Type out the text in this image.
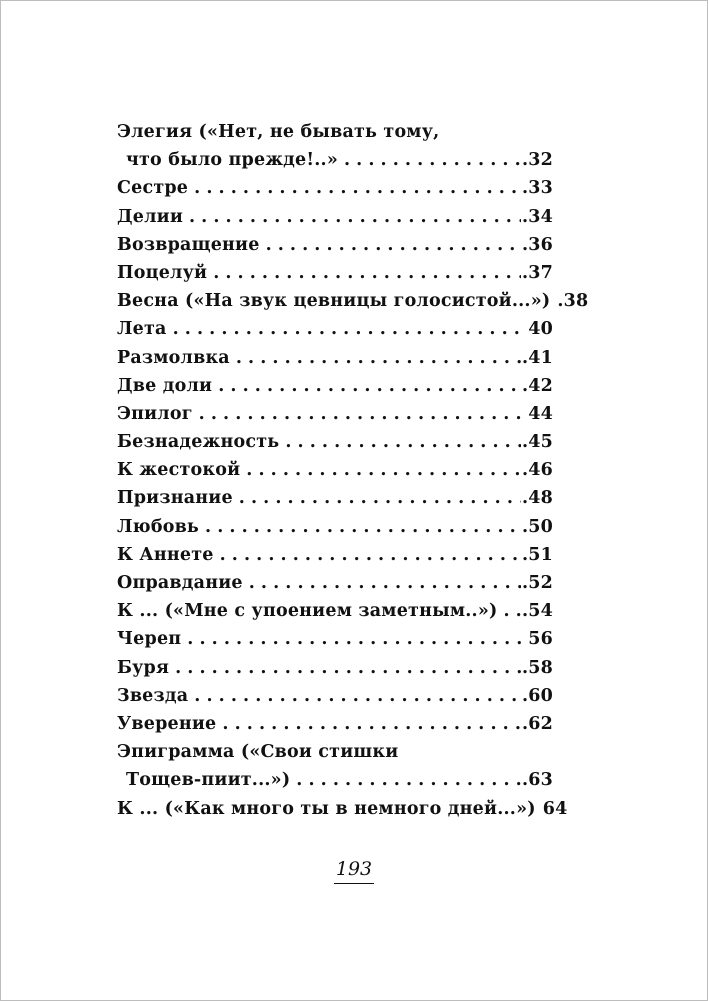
Элегия («Нет, не бывать тому,
что было прежде!..» . . .	.32
Сестре . . .	.33
Делии . . .	.34
Возвращение . . .	.36
Поцелуй . . .	.37
Весна («На звук цевницы голосистой...») . . . .38
Лета . . .	40
Размолвка . . .	.41
Две доли . . .	.42
Эпилог . . .	44
Безнадежность . . .	.45
К жестокой . . .	.46
Признание . . .	.48
Любовь . . .	.50
К Аннете . . .	.51
Оправдание . . .	.52
К ... («Мне с упоением заметным..») . . . .54
Череп . . .	56
Буря . . .	.58
Звезда . . .	.60
Уверение . . .	.62
Эпиграмма («Свои стишки
Тощев-пиит...») . . .	.63
К ... («Как много ты в немного дней...») . . . 64
193
